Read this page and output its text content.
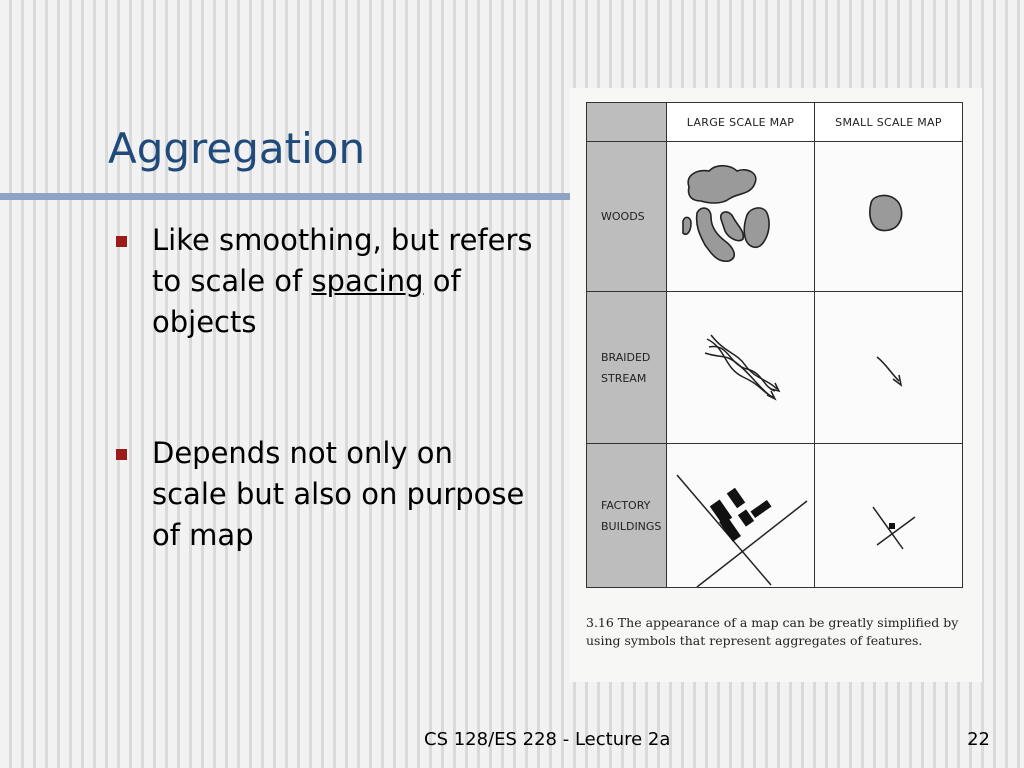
Aggregation
Like smoothing, but refers to scale of spacing of objects
Depends not only on scale but also on purpose of map
	LARGE SCALE MAP	SMALL SCALE MAP
WOODS	

BRAIDED
STREAM	

FACTORY
BUILDINGS	

3.16 The appearance of a map can be greatly simplified by using symbols that represent aggregates of features.

CS 128/ES 228 - Lecture 2a	22
